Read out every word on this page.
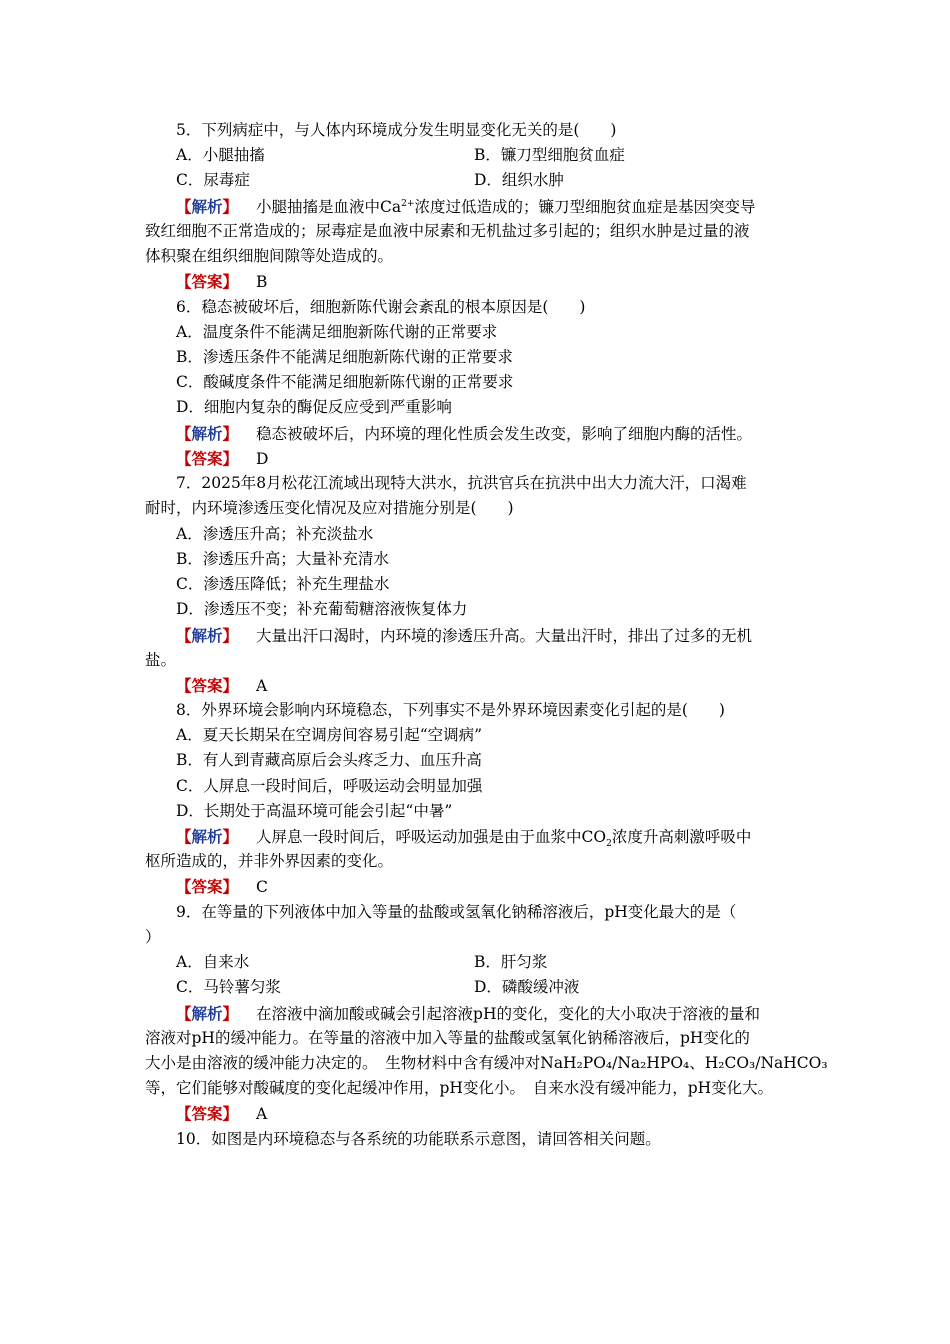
5．下列病症中，与人体内环境成分发生明显变化无关的是(　　)
A．小腿抽搐	B．镰刀型细胞贫血症
C．尿毒症	D．组织水肿
【解析】 小腿抽搐是血液中$Ca^{2+}$浓度过低造成的；镰刀型细胞贫血症是基因突变导
致红细胞不正常造成的；尿毒症是血液中尿素和无机盐过多引起的；组织水肿是过量的液
体积聚在组织细胞间隙等处造成的。
【答案】 B
6．稳态被破坏后，细胞新陈代谢会紊乱的根本原因是(　　)
A．温度条件不能满足细胞新陈代谢的正常要求
B．渗透压条件不能满足细胞新陈代谢的正常要求
C．酸碱度条件不能满足细胞新陈代谢的正常要求
D．细胞内复杂的酶促反应受到严重影响
【解析】 稳态被破坏后，内环境的理化性质会发生改变，影响了细胞内酶的活性。
【答案】 D
7．2025年8月松花江流域出现特大洪水，抗洪官兵在抗洪中出大力流大汗，口渴难
耐时，内环境渗透压变化情况及应对措施分别是(　　)
A．渗透压升高；补充淡盐水
B．渗透压升高；大量补充清水
C．渗透压降低；补充生理盐水
D．渗透压不变；补充葡萄糖溶液恢复体力
【解析】 大量出汗口渴时，内环境的渗透压升高。大量出汗时，排出了过多的无机
盐。
【答案】 A
8．外界环境会影响内环境稳态，下列事实不是外界环境因素变化引起的是(　　)
A．夏天长期呆在空调房间容易引起“空调病”
B．有人到青藏高原后会头疼乏力、血压升高
C．人屏息一段时间后，呼吸运动会明显加强
D．长期处于高温环境可能会引起“中暑”
【解析】 人屏息一段时间后，呼吸运动加强是由于血浆中$CO_2$浓度升高刺激呼吸中
枢所造成的，并非外界因素的变化。
【答案】 C
9．在等量的下列液体中加入等量的盐酸或氢氧化钠稀溶液后，pH变化最大的是（
）
A．自来水	B．肝匀浆
C．马铃薯匀浆	D．磷酸缓冲液
【解析】 在溶液中滴加酸或碱会引起溶液pH的变化，变化的大小取决于溶液的量和
溶液对pH的缓冲能力。在等量的溶液中加入等量的盐酸或氢氧化钠稀溶液后，pH变化的
大小是由溶液的缓冲能力决定的。　生物材料中含有缓冲对NaH₂PO₄/Na₂HPO₄、H₂CO₃/NaHCO₃
等，它们能够对酸碱度的变化起缓冲作用，pH变化小。　自来水没有缓冲能力，pH变化大。
【答案】 A
10．如图是内环境稳态与各系统的功能联系示意图，请回答相关问题。
